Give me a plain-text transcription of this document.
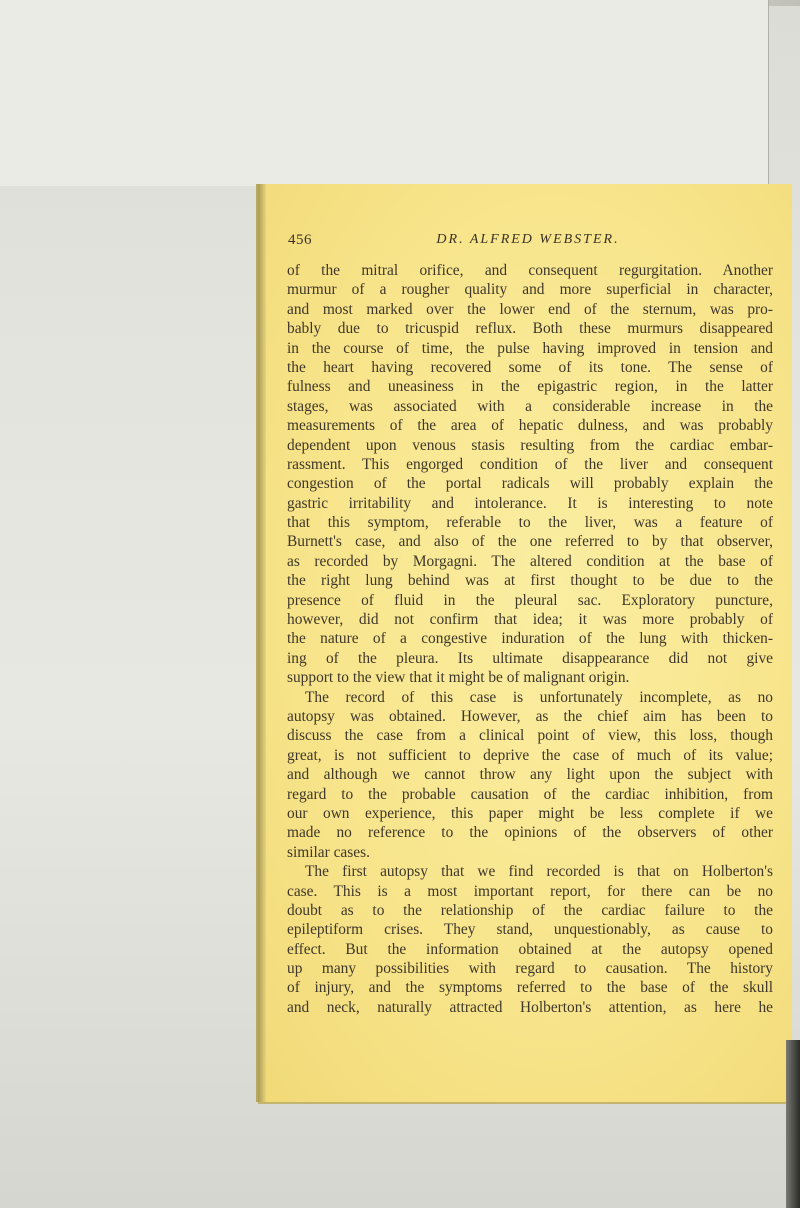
456	DR. ALFRED WEBSTER.
of the mitral orifice, and consequent regurgitation. Another
murmur of a rougher quality and more superficial in character,
and most marked over the lower end of the sternum, was pro-
bably due to tricuspid reflux. Both these murmurs disappeared
in the course of time, the pulse having improved in tension and
the heart having recovered some of its tone. The sense of
fulness and uneasiness in the epigastric region, in the latter
stages, was associated with a considerable increase in the
measurements of the area of hepatic dulness, and was probably
dependent upon venous stasis resulting from the cardiac embar-
rassment. This engorged condition of the liver and consequent
congestion of the portal radicals will probably explain the
gastric irritability and intolerance. It is interesting to note
that this symptom, referable to the liver, was a feature of
Burnett's case, and also of the one referred to by that observer,
as recorded by Morgagni. The altered condition at the base of
the right lung behind was at first thought to be due to the
presence of fluid in the pleural sac. Exploratory puncture,
however, did not confirm that idea; it was more probably of
the nature of a congestive induration of the lung with thicken-
ing of the pleura. Its ultimate disappearance did not give
support to the view that it might be of malignant origin.
The record of this case is unfortunately incomplete, as no
autopsy was obtained. However, as the chief aim has been to
discuss the case from a clinical point of view, this loss, though
great, is not sufficient to deprive the case of much of its value;
and although we cannot throw any light upon the subject with
regard to the probable causation of the cardiac inhibition, from
our own experience, this paper might be less complete if we
made no reference to the opinions of the observers of other
similar cases.
The first autopsy that we find recorded is that on Holberton's
case. This is a most important report, for there can be no
doubt as to the relationship of the cardiac failure to the
epileptiform crises. They stand, unquestionably, as cause to
effect. But the information obtained at the autopsy opened
up many possibilities with regard to causation. The history
of injury, and the symptoms referred to the base of the skull
and neck, naturally attracted Holberton's attention, as here he
